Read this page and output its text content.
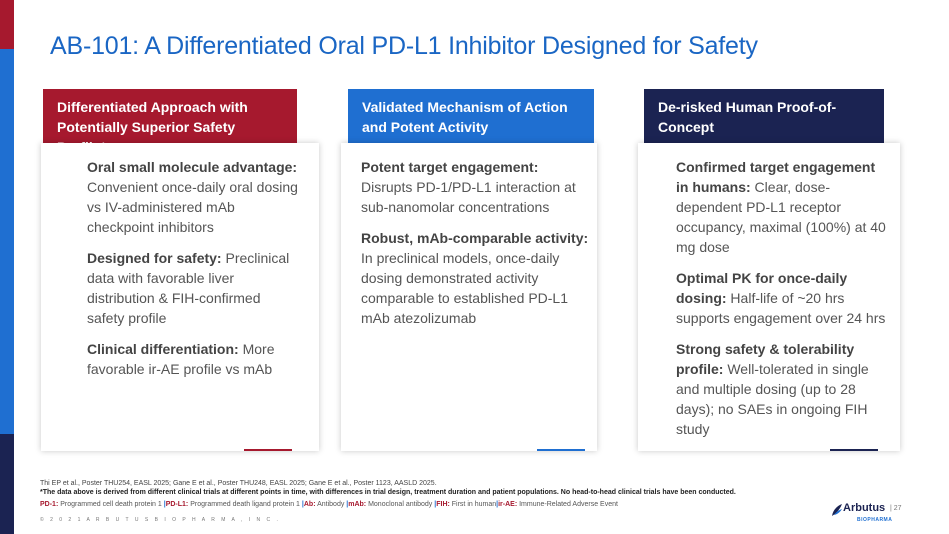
AB-101: A Differentiated Oral PD-L1 Inhibitor Designed for Safety
Differentiated Approach with Potentially Superior Safety
Validated Mechanism of Action and Potent Activity
De-risked Human Proof-of-Concept
Oral small molecule advantage: Convenient once-daily oral dosing vs IV-administered mAb checkpoint inhibitors
Designed for safety: Preclinical data with favorable liver distribution & FIH-confirmed safety profile
Clinical differentiation: More favorable ir-AE profile vs mAb
Potent target engagement: Disrupts PD-1/PD-L1 interaction at sub-nanomolar concentrations
Robust, mAb-comparable activity: In preclinical models, once-daily dosing demonstrated activity comparable to established PD-L1 mAb atezolizumab
Confirmed target engagement in humans: Clear, dose-dependent PD-L1 receptor occupancy, maximal (100%) at 40 mg dose
Optimal PK for once-daily dosing: Half-life of ~20 hrs supports engagement over 24 hrs
Strong safety & tolerability profile: Well-tolerated in single and multiple dosing (up to 28 days); no SAEs in ongoing FIH study
Thi EP et al., Poster THU254, EASL 2025; Gane E et al., Poster THU248, EASL 2025; Gane E et al., Poster 1123, AASLD 2025.
*The data above is derived from different clinical trials at different points in time, with differences in trial design, treatment duration and patient populations. No head-to-head clinical trials have been conducted.
PD-1: Programmed cell death protein 1 |PD-L1: Programmed death ligand protein 1 |Ab: Antibody |mAb: Monoclonal antibody |FIH: First in human|ir-AE: Immune-Related Adverse Event
© 2 0 2 1 A R B U T U S B I O P H A R M A , I N C .
Arbutus
BIOPHARMA
| 27
